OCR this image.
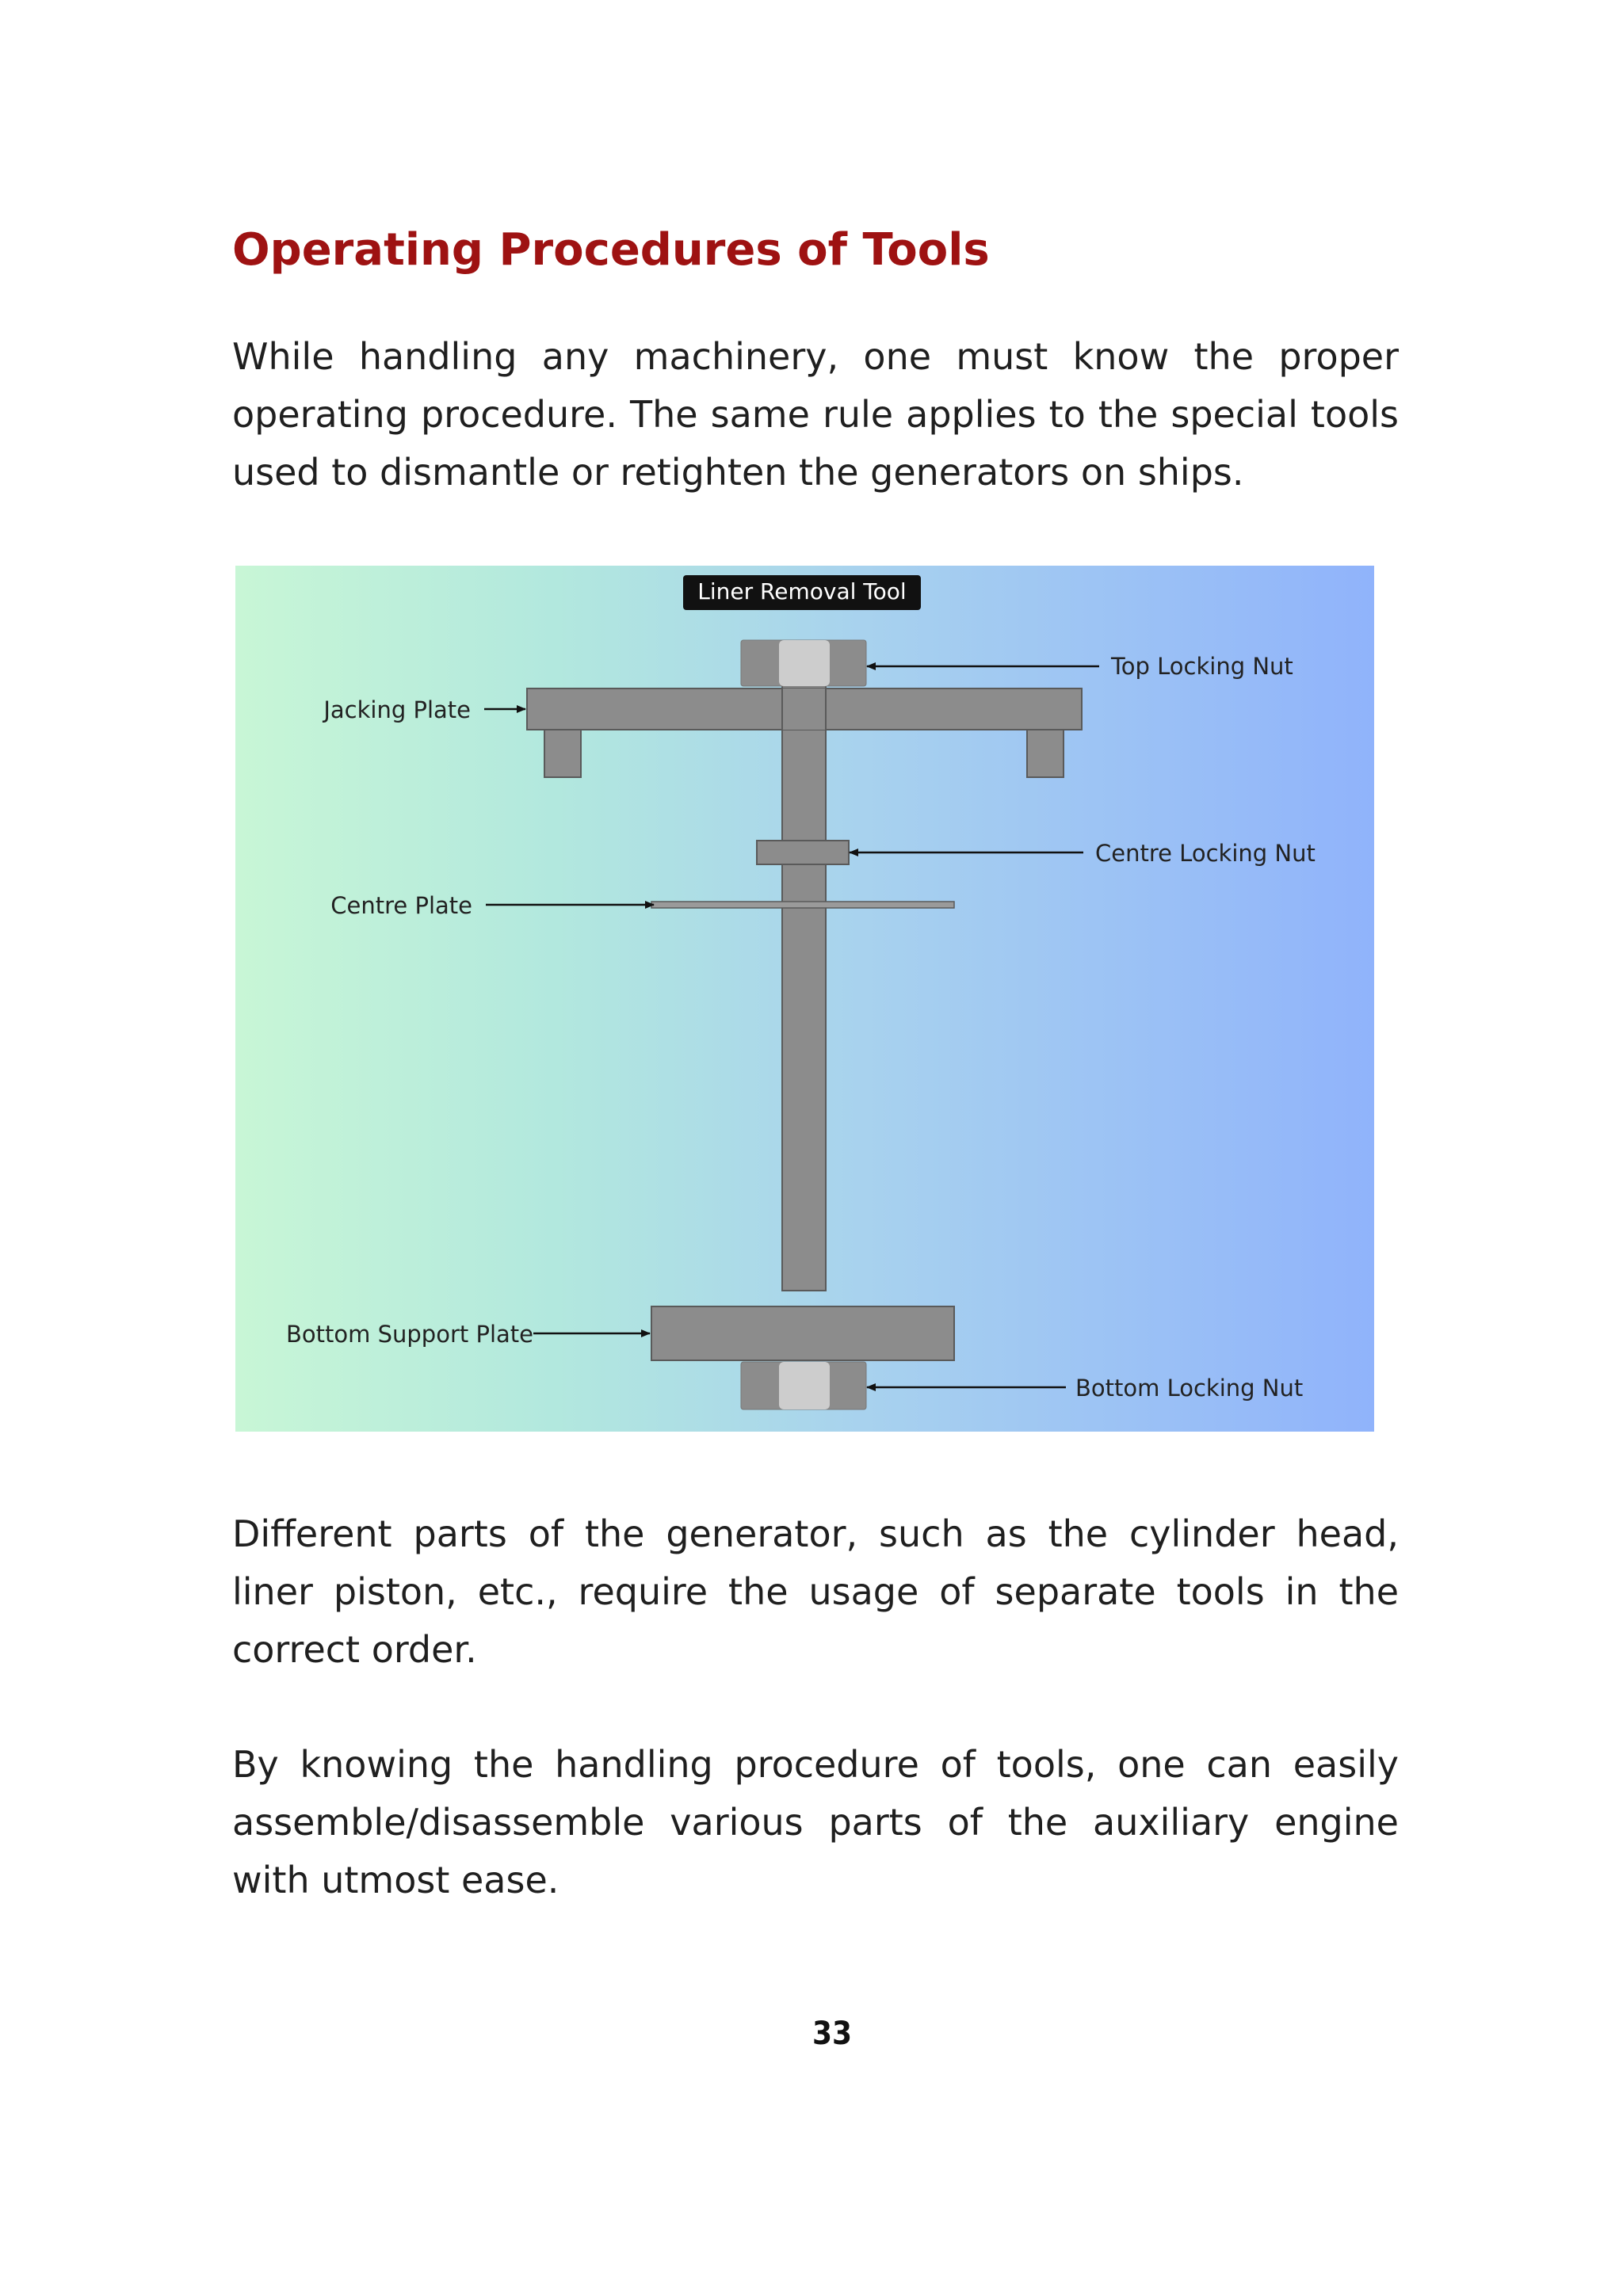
Operating Procedures of Tools

While handling any machinery, one must know the proper operating procedure. The same rule applies to the special tools used to dismantle or retighten the generators on ships.

Liner Removal Tool
Top Locking Nut
Jacking Plate
Centre Locking Nut
Centre Plate
Bottom Support Plate
Bottom Locking Nut

Different parts of the generator, such as the cylinder head, liner piston, etc., require the usage of separate tools in the correct order.

By knowing the handling procedure of tools, one can easily assemble/disassemble various parts of the auxiliary engine with utmost ease.

33
